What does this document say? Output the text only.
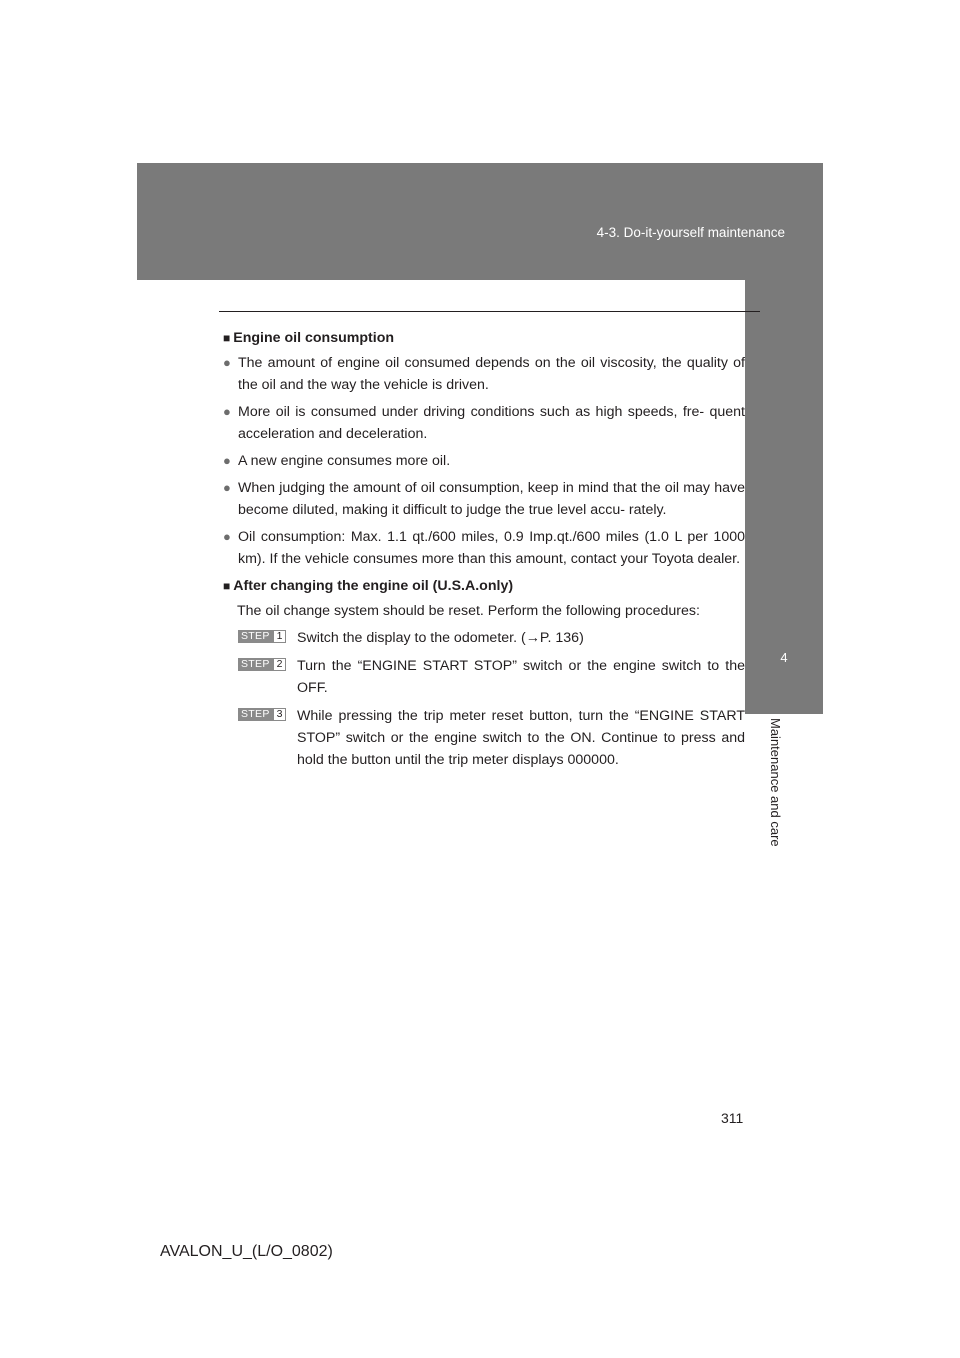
4-3. Do-it-yourself maintenance
4
Maintenance and care
■ Engine oil consumption
● The amount of engine oil consumed depends on the oil viscosity, the quality of the oil and the way the vehicle is driven.
● More oil is consumed under driving conditions such as high speeds, fre- quent acceleration and deceleration.
● A new engine consumes more oil.
● When judging the amount of oil consumption, keep in mind that the oil may have become diluted, making it difficult to judge the true level accu- rately.
● Oil consumption: Max. 1.1 qt./600 miles, 0.9 Imp.qt./600 miles (1.0 L per 1000 km). If the vehicle consumes more than this amount, contact your Toyota dealer.
■ After changing the engine oil (U.S.A.only)
The oil change system should be reset. Perform the following procedures:
STEP 1 Switch the display to the odometer. (→P. 136)
STEP 2 Turn the “ENGINE START STOP” switch or the engine switch to the OFF.
STEP 3 While pressing the trip meter reset button, turn the “ENGINE START STOP” switch or the engine switch to the ON. Continue to press and hold the button until the trip meter displays 000000.
311
AVALON_U_(L/O_0802)
